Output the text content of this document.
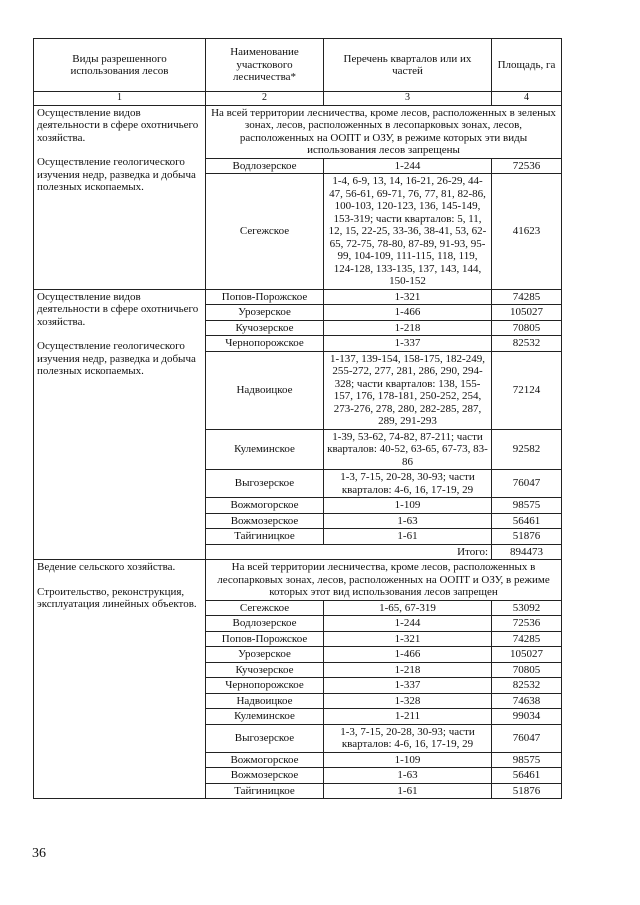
Виды разрешенного использования лесов	Наименование участкового лесничества*	Перечень кварталов или их частей	Площадь, га
1	2	3	4

Осуществление видов деятельности в сфере охотничьего хозяйства.
Осуществление геологического изучения недр, разведка и добыча полезных ископаемых.	На всей территории лесничества, кроме лесов, расположенных в зеленых зонах, лесов, расположенных в лесопарковых зонах, лесов, расположенных на ООПТ и ОЗУ, в режиме которых эти виды использования лесов запрещены		
	Водлозерское	1-244	72536
	Сегежское	1-4, 6-9, 13, 14, 16-21, 26-29, 44-47, 56-61, 69-71, 76, 77, 81, 82-86, 100-103, 120-123, 136, 145-149, 153-319; части кварталов: 5, 11, 12, 15, 22-25, 33-36, 38-41, 53, 62-65, 72-75, 78-80, 87-89, 91-93, 95-99, 104-109, 111-115, 118, 119, 124-128, 133-135, 137, 143, 144, 150-152	41623

Осуществление видов деятельности в сфере охотничьего хозяйства.
Осуществление геологического изучения недр, разведка и добыча полезных ископаемых.	Попов-Порожское	1-321	74285
	Урозерское	1-466	105027
	Кучозерское	1-218	70805
	Чернопорожское	1-337	82532
	Надвоицкое	1-137, 139-154, 158-175, 182-249, 255-272, 277, 281, 286, 290, 294-328; части кварталов: 138, 155-157, 176, 178-181, 250-252, 254, 273-276, 278, 280, 282-285, 287, 289, 291-293	72124
	Кулеминское	1-39, 53-62, 74-82, 87-211; части кварталов: 40-52, 63-65, 67-73, 83-86	92582
	Выгозерское	1-3, 7-15, 20-28, 30-93; части кварталов: 4-6, 16, 17-19, 29	76047
	Вожмогорское	1-109	98575
	Вожмозерское	1-63	56461
	Тайгиницкое	1-61	51876
	Итого:		894473

Ведение сельского хозяйства.
Строительство, реконструкция, эксплуатация линейных объектов.	На всей территории лесничества, кроме лесов, расположенных в лесопарковых зонах, лесов, расположенных на ООПТ и ОЗУ, в режиме которых этот вид использования лесов запрещен		
	Сегежское	1-65, 67-319	53092
	Водлозерское	1-244	72536
	Попов-Порожское	1-321	74285
	Урозерское	1-466	105027
	Кучозерское	1-218	70805
	Чернопорожское	1-337	82532
	Надвоицкое	1-328	74638
	Кулеминское	1-211	99034
	Выгозерское	1-3, 7-15, 20-28, 30-93; части кварталов: 4-6, 16, 17-19, 29	76047
	Вожмогорское	1-109	98575
	Вожмозерское	1-63	56461
	Тайгиницкое	1-61	51876
36
